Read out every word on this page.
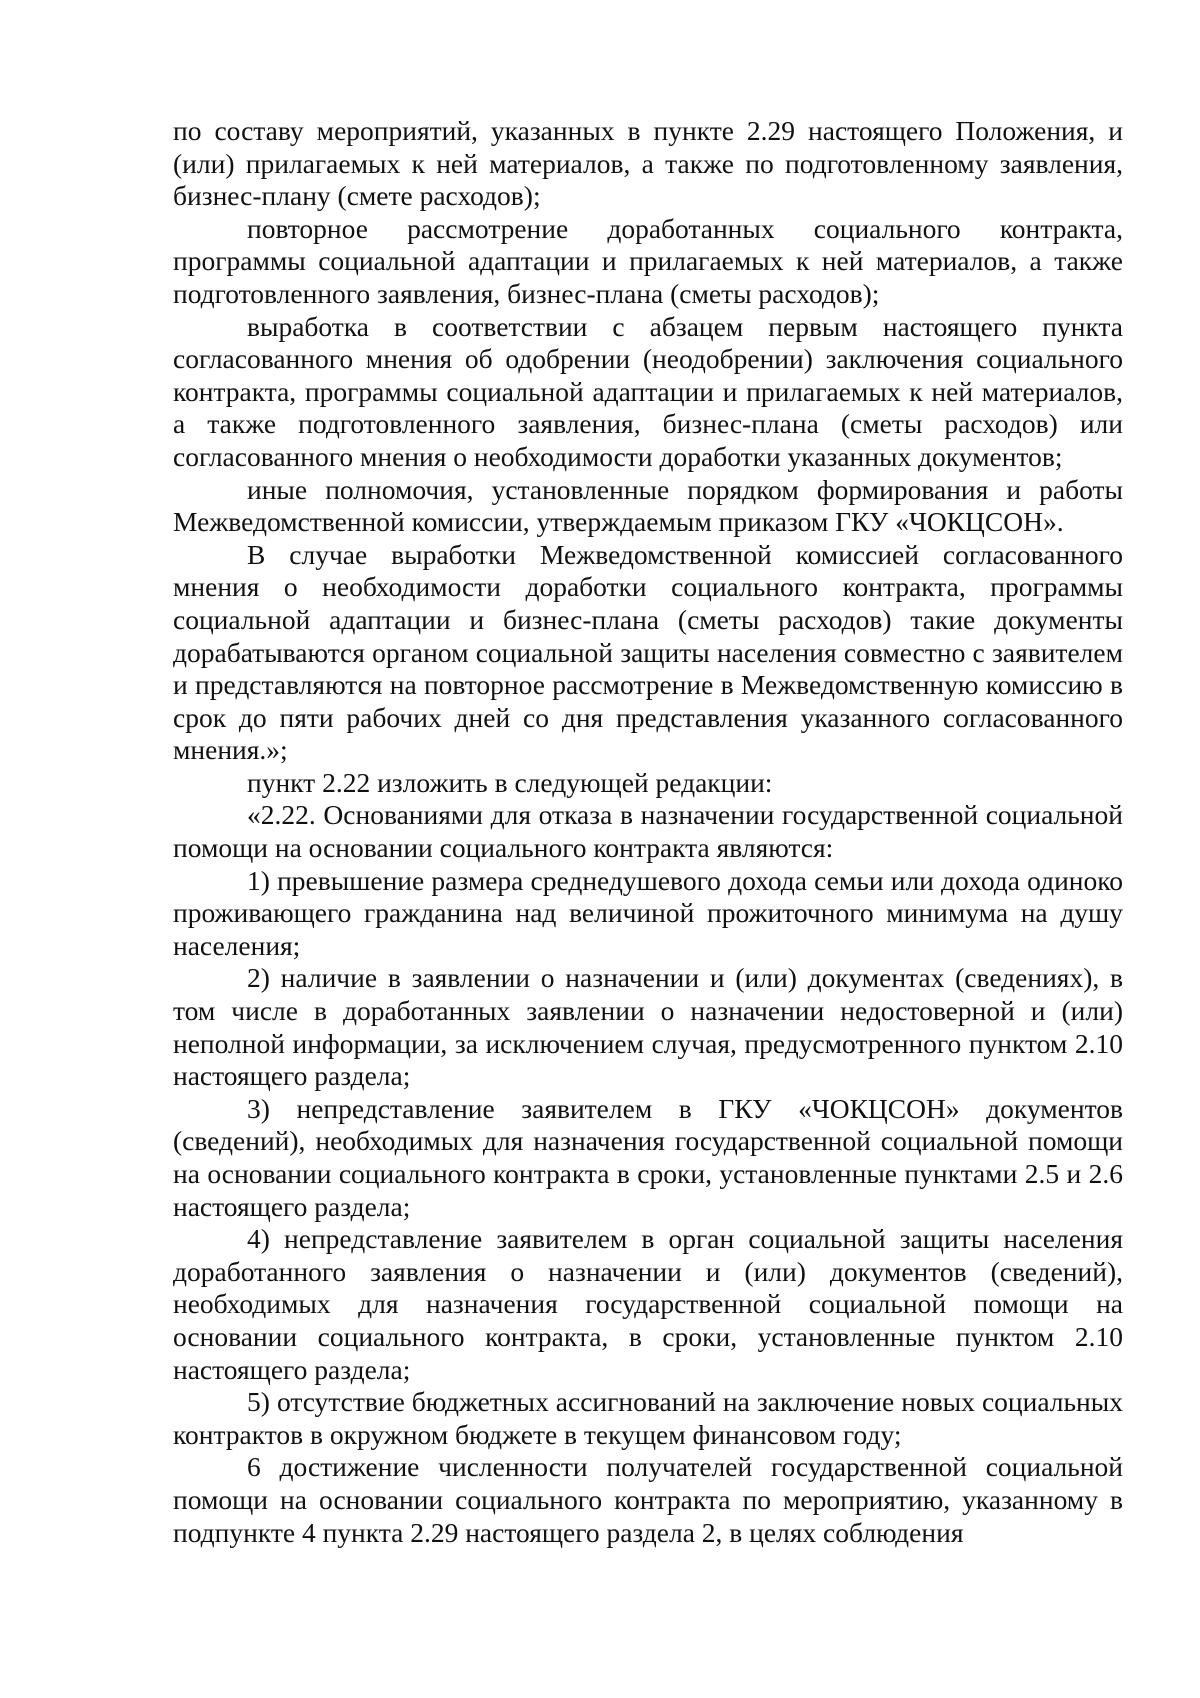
по составу мероприятий, указанных в пункте 2.29 настоящего Положения, и (или) прилагаемых к ней материалов, а также по подготовленному заявления, бизнес-плану (смете расходов);

повторное рассмотрение доработанных социального контракта, программы социальной адаптации и прилагаемых к ней материалов, а также подготовленного заявления, бизнес-плана (сметы расходов);

выработка в соответствии с абзацем первым настоящего пункта согласованного мнения об одобрении (неодобрении) заключения социального контракта, программы социальной адаптации и прилагаемых к ней материалов, а также подготовленного заявления, бизнес-плана (сметы расходов) или согласованного мнения о необходимости доработки указанных документов;

иные полномочия, установленные порядком формирования и работы Межведомственной комиссии, утверждаемым приказом ГКУ «ЧОКЦСОН».

В случае выработки Межведомственной комиссией согласованного мнения о необходимости доработки социального контракта, программы социальной адаптации и бизнес-плана (сметы расходов) такие документы дорабатываются органом социальной защиты населения совместно с заявителем и представляются на повторное рассмотрение в Межведомственную комиссию в срок до пяти рабочих дней со дня представления указанного согласованного мнения.»;

пункт 2.22 изложить в следующей редакции:

«2.22. Основаниями для отказа в назначении государственной социальной помощи на основании социального контракта являются:

1) превышение размера среднедушевого дохода семьи или дохода одиноко проживающего гражданина над величиной прожиточного минимума на душу населения;

2) наличие в заявлении о назначении и (или) документах (сведениях), в том числе в доработанных заявлении о назначении недостоверной и (или) неполной информации, за исключением случая, предусмотренного пунктом 2.10 настоящего раздела;

3) непредставление заявителем в ГКУ «ЧОКЦСОН» документов (сведений), необходимых для назначения государственной социальной помощи на основании социального контракта в сроки, установленные пунктами 2.5 и 2.6 настоящего раздела;

4) непредставление заявителем в орган социальной защиты населения доработанного заявления о назначении и (или) документов (сведений), необходимых для назначения государственной социальной помощи на основании социального контракта, в сроки, установленные пунктом 2.10 настоящего раздела;

5) отсутствие бюджетных ассигнований на заключение новых социальных контрактов в окружном бюджете в текущем финансовом году;

6 достижение численности получателей государственной социальной помощи на основании социального контракта по мероприятию, указанному в подпункте 4 пункта 2.29 настоящего раздела 2, в целях соблюдения
